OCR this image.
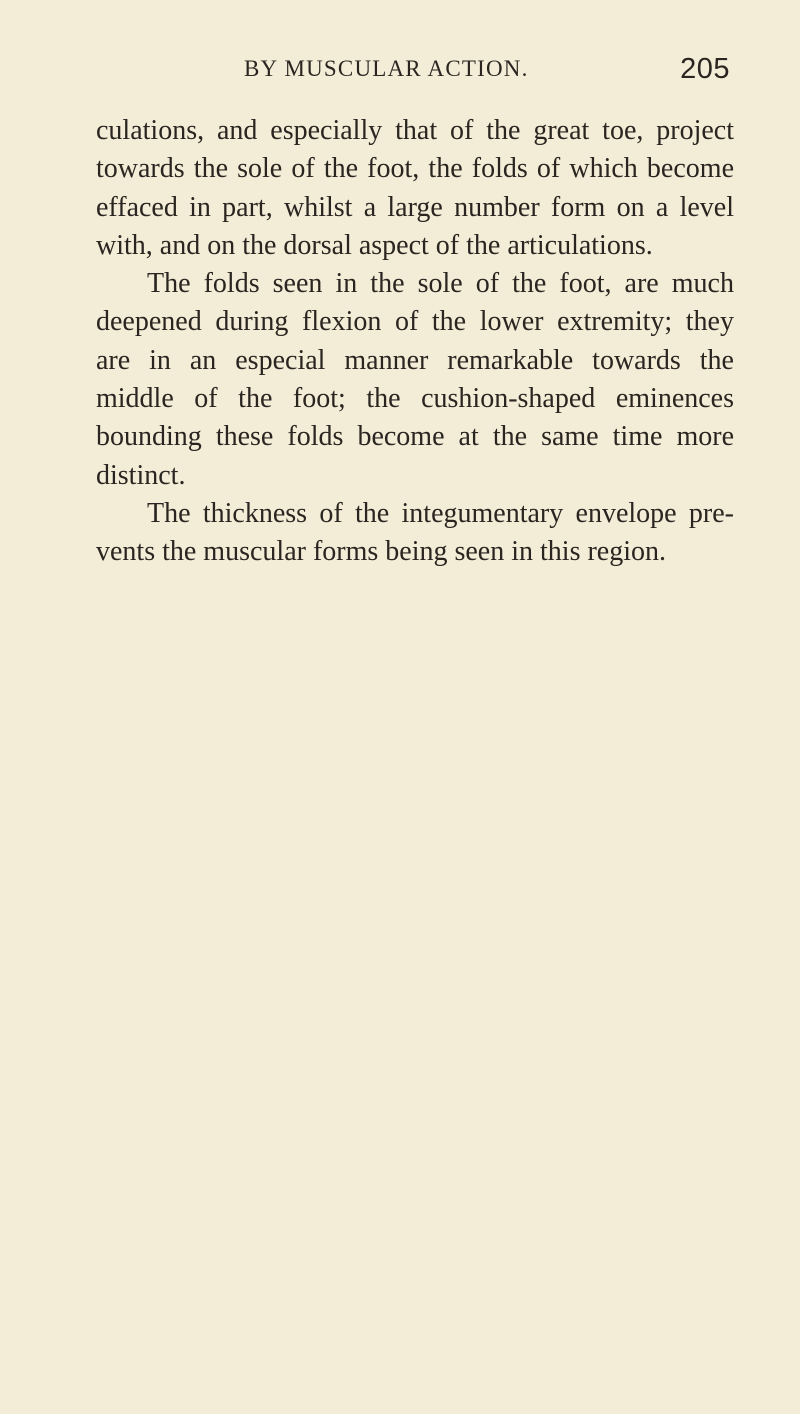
BY MUSCULAR ACTION.	205
culations, and especially that of the great toe, project
towards the sole of the foot, the folds of which become
effaced in part, whilst a large number form on a level
with, and on the dorsal aspect of the articulations.
The folds seen in the sole of the foot, are much
deepened during flexion of the lower extremity; they
are in an especial manner remarkable towards the
middle of the foot; the cushion-shaped eminences
bounding these folds become at the same time more
distinct.
The thickness of the integumentary envelope pre-
vents the muscular forms being seen in this region.
